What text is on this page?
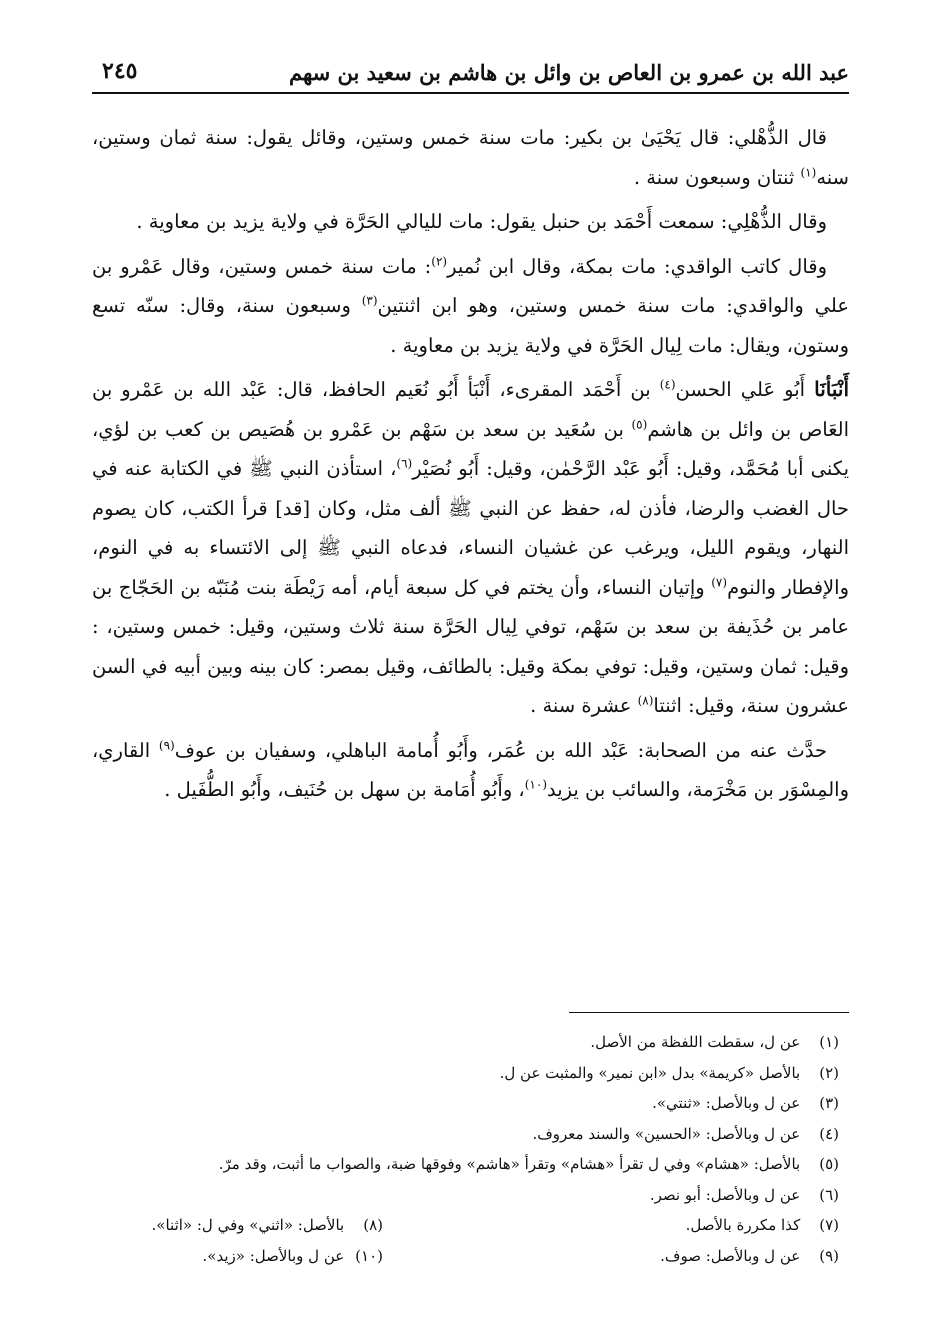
عبد الله بن عمرو بن العاص بن وائل بن هاشم بن سعيد بن سهم
٢٤٥

قال الذُّهْلي: قال يَحْيَىٰ بن بكير: مات سنة خمس وستين، وقائل يقول: سنة ثمان وستين، سنه$^{(١)}$ ثنتان وسبعون سنة .

وقال الذُّهْلِي: سمعت أَحْمَد بن حنبل يقول: مات لليالي الحَرَّة في ولاية يزيد بن معاوية .

وقال كاتب الواقدي: مات بمكة، وقال ابن نُمير$^{(٢)}$: مات سنة خمس وستين، وقال عَمْرو بن علي والواقدي: مات سنة خمس وستين، وهو ابن اثنتين$^{(٣)}$ وسبعون سنة، وقال: سنّه تسع وستون، ويقال: مات لِيال الحَرَّة في ولاية يزيد بن معاوية .

أَنْبَأنَا أَبُو عَلي الحسن$^{(٤)}$ بن أَحْمَد المقرىء، أَنْبَأ أَبُو نُعَيم الحافظ، قال: عَبْد الله بن عَمْرو بن العَاص بن وائل بن هاشم$^{(٥)}$ بن سُعَيد بن سعد بن سَهْم بن عَمْرو بن هُصَيص بن كعب بن لؤي، يكنى أبا مُحَمَّد، وقيل: أَبُو عَبْد الرَّحْمٰن، وقيل: أَبُو نُصَيْر$^{(٦)}$، استأذن النبي ﷺ في الكتابة عنه في حال الغضب والرضا، فأذن له، حفظ عن النبي ﷺ ألف مثل، وكان [قد] قرأ الكتب، كان يصوم النهار، ويقوم الليل، ويرغب عن غشيان النساء، فدعاه النبي ﷺ إلى الائتساء به في النوم، والإفطار والنوم$^{(٧)}$ وإتيان النساء، وأن يختم في كل سبعة أيام، أمه رَيْطَة بنت مُنَبّه بن الحَجّاج بن عامر بن حُذَيفة بن سعد بن سَهْم، توفي لِيال الحَرَّة سنة ثلاث وستين، وقيل: خمس وستين، : وقيل: ثمان وستين، وقيل: توفي بمكة وقيل: بالطائف، وقيل بمصر: كان بينه وبين أبيه في السن عشرون سنة، وقيل: اثنتا$^{(٨)}$ عشرة سنة .

حدَّث عنه من الصحابة: عَبْد الله بن عُمَر، وأَبُو أُمامة الباهلي، وسفيان بن عوف$^{(٩)}$ القاري، والمِسْوَر بن مَخْرَمة، والسائب بن يزيد$^{(١٠)}$، وأَبُو أُمَامة بن سهل بن حُنَيف، وأَبُو الطُّفَيل .

(١) عن ل، سقطت اللفظة من الأصل.
(٢) بالأصل «كريمة» بدل «ابن نمير» والمثبت عن ل.
(٣) عن ل وبالأصل: «ثنتي».
(٤) عن ل وبالأصل: «الحسين» والسند معروف.
(٥) بالأصل: «هشام» وفي ل تقرأ «هشام» وتقرأ «هاشم» وفوقها ضبة، والصواب ما أثبت، وقد مرّ.
(٦) عن ل وبالأصل: أبو نصر.
(٧) كذا مكررة بالأصل.
(٨) بالأصل: «اثني» وفي ل: «اثنا».
(٩) عن ل وبالأصل: صوف.
(١٠) عن ل وبالأصل: «زيد».
